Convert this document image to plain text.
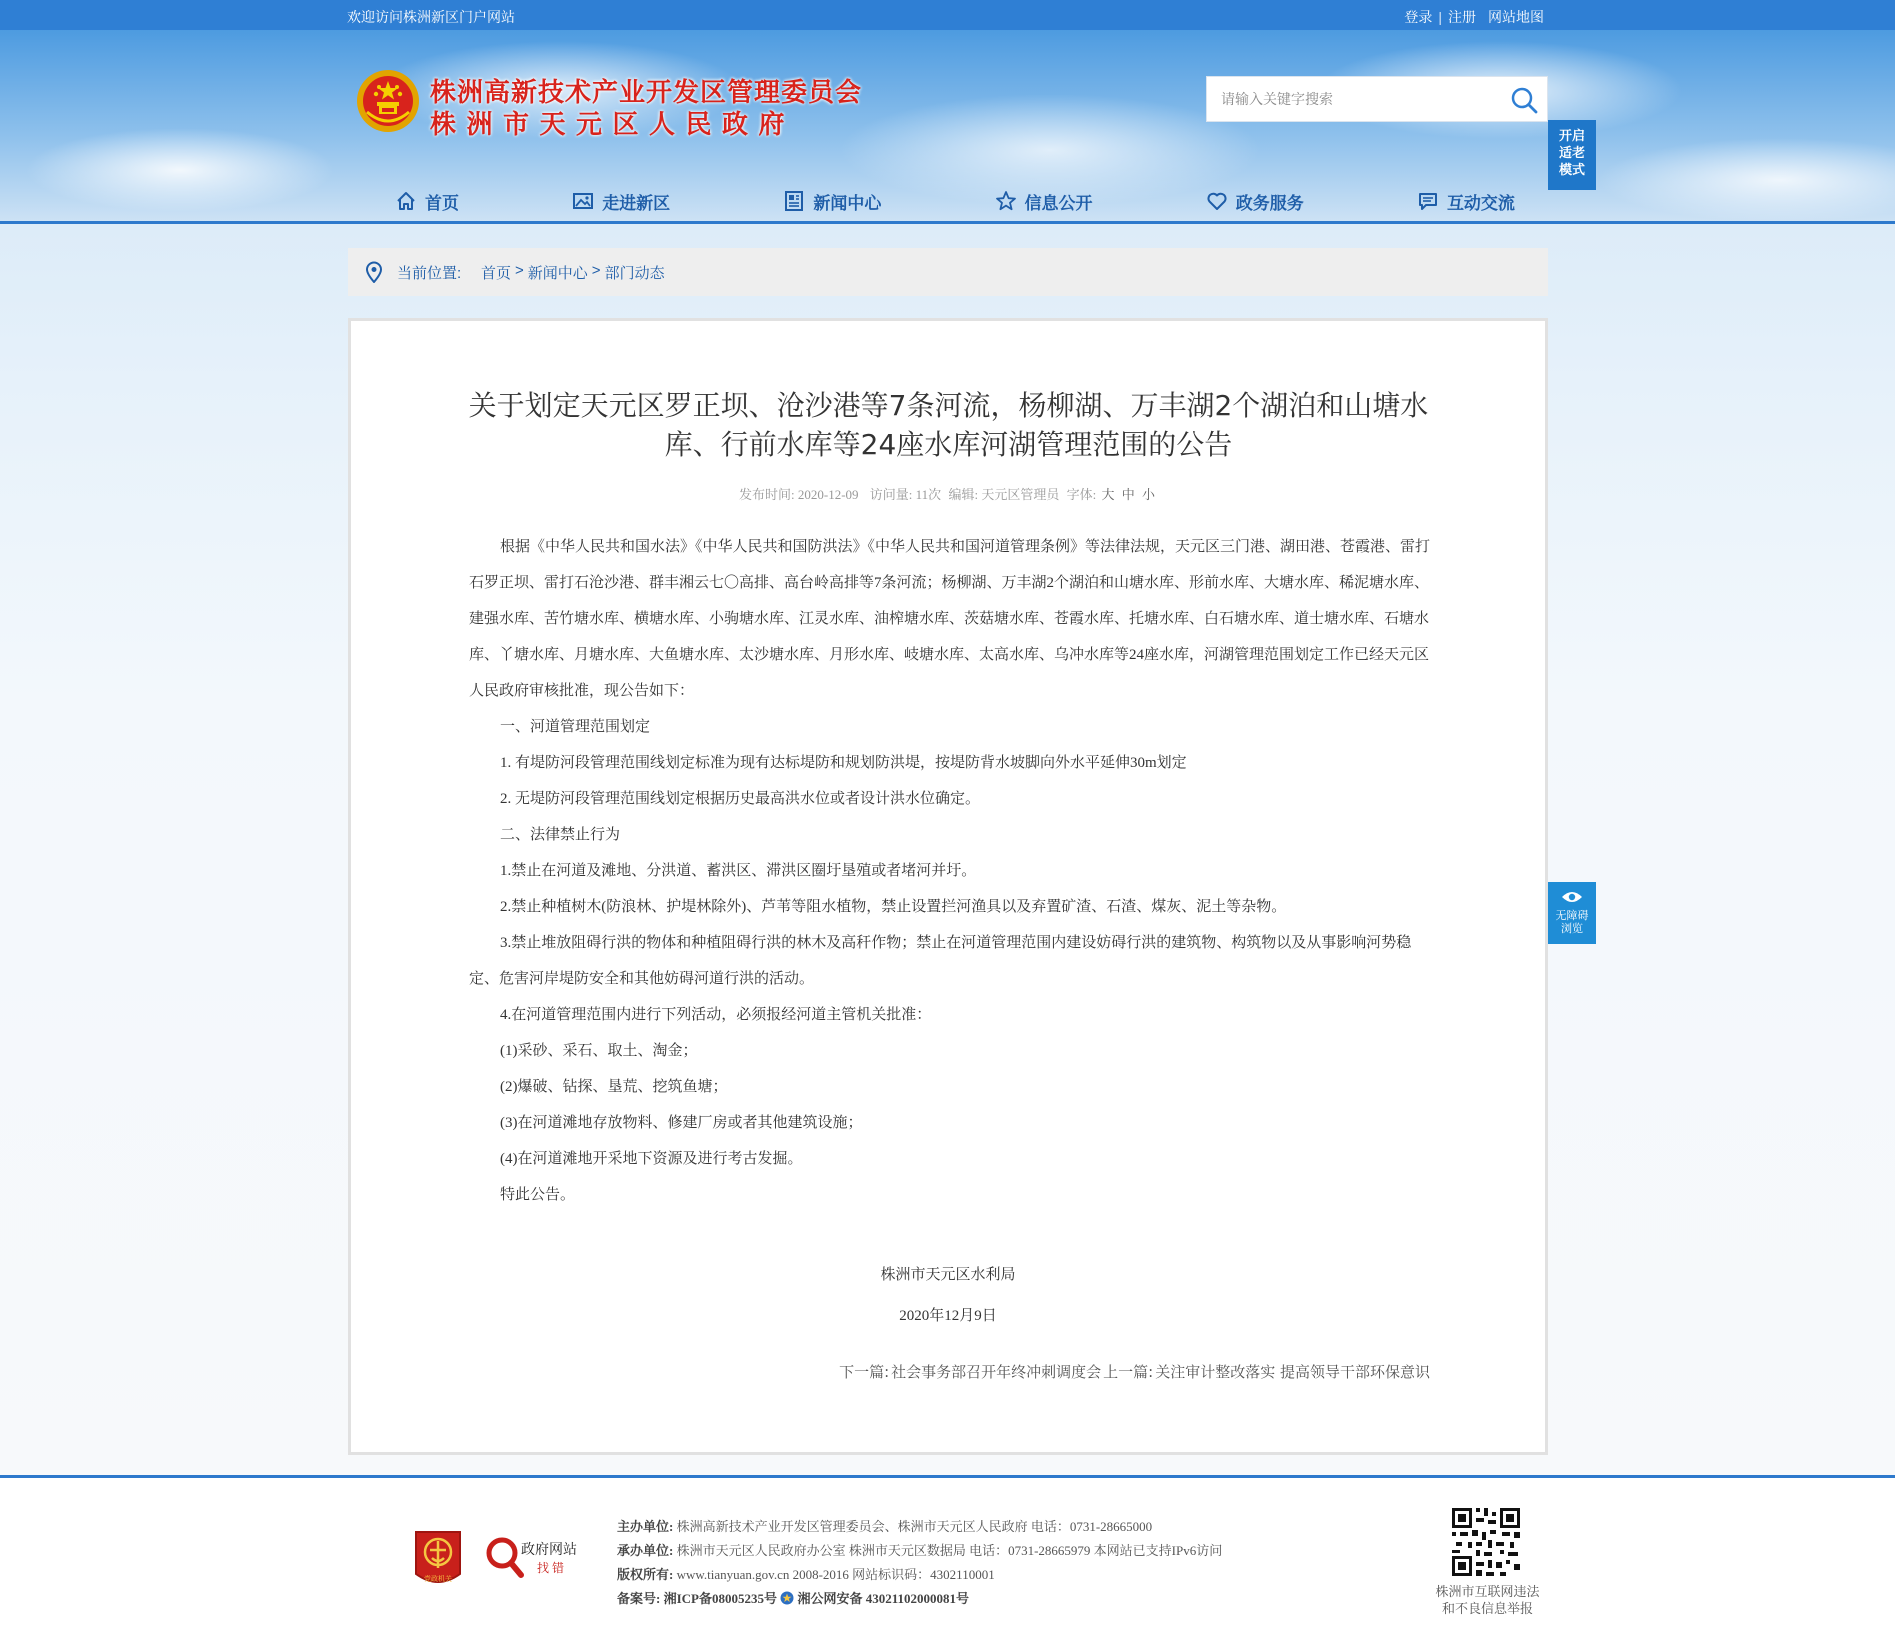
欢迎访问株洲新区门户网站	登录 | 注册 网站地图
株洲高新技术产业开发区管理委员会
株洲市天元区人民政府
请输入关键字搜索	开启适老模式
首页	走进新区	新闻中心	信息公开	政务服务	互动交流
当前位置: 首页 > 新闻中心 > 部门动态
关于划定天元区罗正坝、沧沙港等7条河流，杨柳湖、万丰湖2个湖泊和山塘水库、行前水库等24座水库河湖管理范围的公告
发布时间: 2020-12-09 访问量: 11次 编辑: 天元区管理员 字体: 大 中 小

根据《中华人民共和国水法》《中华人民共和国防洪法》《中华人民共和国河道管理条例》等法律法规，天元区三门港、湖田港、苍霞港、雷打石罗正坝、雷打石沧沙港、群丰湘云七〇高排、高台岭高排等7条河流；杨柳湖、万丰湖2个湖泊和山塘水库、形前水库、大塘水库、稀泥塘水库、建强水库、苦竹塘水库、横塘水库、小驹塘水库、江灵水库、油榨塘水库、茨菇塘水库、苍霞水库、托塘水库、白石塘水库、道士塘水库、石塘水库、丫塘水库、月塘水库、大鱼塘水库、太沙塘水库、月形水库、岐塘水库、太高水库、乌冲水库等24座水库，河湖管理范围划定工作已经天元区人民政府审核批准，现公告如下：

一、河道管理范围划定

1. 有堤防河段管理范围线划定标准为现有达标堤防和规划防洪堤，按堤防背水坡脚向外水平延伸30m划定

2. 无堤防河段管理范围线划定根据历史最高洪水位或者设计洪水位确定。

二、法律禁止行为

1.禁止在河道及滩地、分洪道、蓄洪区、滞洪区圈圩垦殖或者堵河并圩。

2.禁止种植树木(防浪林、护堤林除外)、芦苇等阻水植物，禁止设置拦河渔具以及弃置矿渣、石渣、煤灰、泥土等杂物。

3.禁止堆放阻碍行洪的物体和种植阻碍行洪的林木及高秆作物；禁止在河道管理范围内建设妨碍行洪的建筑物、构筑物以及从事影响河势稳定、危害河岸堤防安全和其他妨碍河道行洪的活动。

4.在河道管理范围内进行下列活动，必须报经河道主管机关批准：

(1)采砂、采石、取土、淘金；

(2)爆破、钻探、垦荒、挖筑鱼塘；

(3)在河道滩地存放物料、修建厂房或者其他建筑设施；

(4)在河道滩地开采地下资源及进行考古发掘。

特此公告。

株洲市天元区水利局
2020年12月9日
下一篇: 社会事务部召开年终冲刺调度会 上一篇: 关注审计整改落实 提高领导干部环保意识
无障碍浏览
党政机关
政府网站
找错
主办单位: 株洲高新技术产业开发区管理委员会、株洲市天元区人民政府 电话：0731-28665000
承办单位: 株洲市天元区人民政府办公室 株洲市天元区数据局 电话：0731-28665979 本网站已支持IPv6访问
版权所有: www.tianyuan.gov.cn 2008-2016 网站标识码：4302110001
备案号: 湘ICP备08005235号 湘公网安备 43021102000081号	株洲市互联网违法
和不良信息举报
